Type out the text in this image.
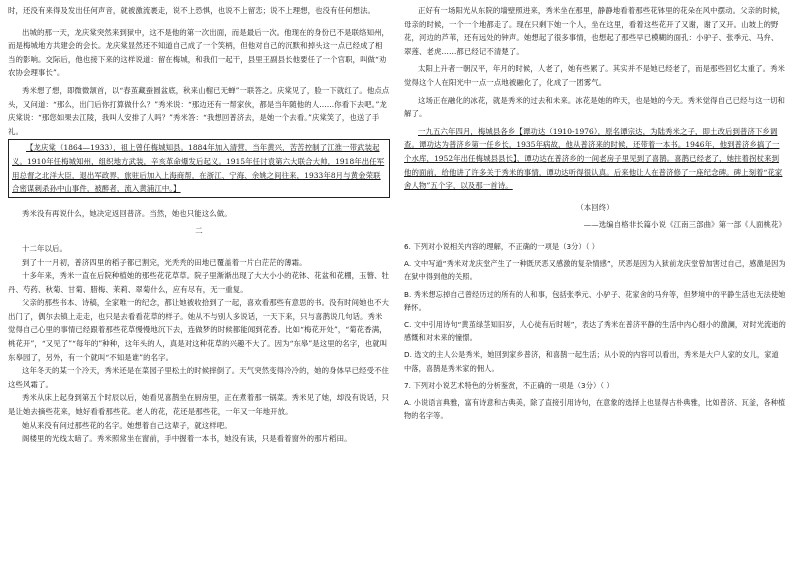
时，还没有来得及发出任何声音，就被激流裹走，说不上恐惧，也说不上留恋；说不上理想，也没有任何想法。

出城的那一天，龙庆棠突然来到狱中，这不是他的第一次出面，而是最后一次。他现在的身份已不是联络知州，而是梅城地方共建会的会长。龙庆棠显然还不知道自己成了一个笑柄，但他对自己的沉默和掉头这一点已经成了相当的影响。交际后，他也接下来的这样说道：留在梅城，和我们一起干，县里王副县长他要任了一个官职，叫做“劝农协会理事长”。

秀米想了想，即微微颔首，以“春茧藏蚕圆盆底，秋来山榴已无蝉”一联答之。庆棠见了，脸一下就红了。他点点头，又问道：“那么，出门后你打算做什么？”秀米说：“那边还有一帮家伙，都是当年随他的人……你看下去吧。”龙庆棠说：“那您如果去江陵，我叫人安排了人吗？”秀米答：“我想回普济去，是她一个去看。”庆棠笑了，也送了手礼。

【龙庆棠（1864—1933），祖上曾任梅城知县。1884年加入清营，当年黄兴，苦苦控制了江淮一带武装起义。1910年任梅城知州，组织地方武装，辛亥革命爆发后起义。1915年任讨袁第六大联合大帅，1918年出任军用总督之北洋大臣，退出军政界，旅驻后加入上海商帮，在浙江、宁海、余姚之间往来，1933年8月与黄金荣联合密谋刺杀孙中山事件，被醉者，流入黄浦江中。】

秀米没有再说什么，她决定返回普济。当然，她也只能这么做。

二

十二年以后。

到了十一月初，普济四里的稻子都已割完，光秃秃的田地已覆盖着一片白茫茫的薄霜。

十多年来，秀米一直在后院种植她的那些花花草草。院子里渐渐出现了大大小小的花钵、花盆和花棚，玉簪、牡丹、芍药、秋菊、甘菊、腊梅、茉莉、翠菊什么，应有尽有，无一重复。

父亲的那些书本、诗稿，全家唯一的纪念，都让她被收拾到了一起，喜欢看那些有意思的书。没有时间她也不大出门了，偶尔去镇上走走，也只是去看看花草的样子。她从不与别人多说话，一天下来，只与喜鹊说几句话。秀米觉得自己心里的事情已经跟着那些花草慢慢地沉下去，连做梦的时候都能闻到花香。比如“梅花开处”，“菊花香满，桃花开”，“又见了”“每年的”种种，这年头的人，真是对这种花草的兴趣不大了。因为“东皋”是这里的名字，也就叫东皋园了，另外，有一个就叫“不知是谁”的名字。

这年冬天的某一个冷天，秀米还是在菜园子里松土的时候摔倒了。天气突然变得冷冷的，她的身体早已经受不住这些风霜了。

秀米从床上起身到第五个时辰以后，她看见喜鹊坐在厨房里，正在煮着那一锅菜。秀米见了她，却没有说话，只是让她去摘些花来，她好看看那些花。老人的花，花还是那些花，一年又一年地开放。

她从来没有问过那些花的名字。她想着自己这辈子，就这样吧。

阁楼里的光线太暗了。秀米照常坐在窗前，手中握着一本书，她没有读，只是看着窗外的那片稻田。

正好有一场阳光从东院的墙壁照进来，秀米坐在那里，静静地看着那些花钵里的花朵在风中摆动。父亲的时候，母亲的时候，一个一个地都走了。现在只剩下她一个人，坐在这里，看着这些花开了又谢，谢了又开。山坡上的野花，河边的芦苇，还有远处的钟声。她想起了很多事情，也想起了那些早已模糊的面孔：小驴子、张季元、马弁、翠莲、老虎……都已经记不清楚了。

太阳上升者一朝汉平，年月的时候，人老了，她有些累了。其实并不是她已经老了，而是那些回忆太重了。秀米觉得这个人在阳光中一点一点地被融化了，化成了一团雾气。

这场正在融化的冰花，就是秀米的过去和未来。冰花是她的昨天，也是她的今天。秀米觉得自己已经与这一切和解了。

一九五六年四月，梅城县各乡【谭功达（1910-1976），原名谭宗达，为陆秀米之子，即土改后到普济下乡调查。谭功达为普济乡第一任乡长，1935年病故，他从普济来的时候，还带着一本书。1946年，他到普济乡搞了一个水库，1952年出任梅城县县长】，谭功达在普济乡的一间老房子里见到了喜鹊。喜鹊已经老了，她拄着拐杖来到他的面前，给他讲了许多关于秀米的事情，谭功达听得很认真。后来他让人在普济修了一座纪念碑。碑上刻着“花家舍人物”五个字，以及那一首诗。

（本回终）

——选编自格非长篇小说《江南三部曲》第一部《人面桃花》

6. 下列对小说相关内容的理解，不正确的一项是（3分）（ ）

A. 文中写道“秀米对龙庆堂产生了一种既厌恶又感激的复杂情感”，厌恶是因为入狱前龙庆堂曾加害过自己，感激是因为在狱中得到他的关照。

B. 秀米想忘掉自己曾经历过的所有的人和事，包括张季元、小驴子、花家舍的马弁等，但梦境中的平静生活也无法使她释怀。

C. 文中引用诗句“黄茧绿茎知旧岁，人心徒有后时嗟”，表达了秀米在普济平静的生活中内心细小的激澜，对时光流逝的感慨和对未来的憧憬。

D. 选文的主人公是秀米，她回到家乡普济，和喜鹊一起生活；从小说的内容可以看出，秀米是大户人家的女儿，家道中落，喜鹊是秀米家的佣人。

7. 下列对小说艺术特色的分析鉴赏，不正确的一项是（3分）（ ）

A. 小说语言典雅，富有诗意和古典美，除了直接引用诗句，在意象的选择上也显得古朴典雅，比如普济、瓦釜，各种植物的名字等。
